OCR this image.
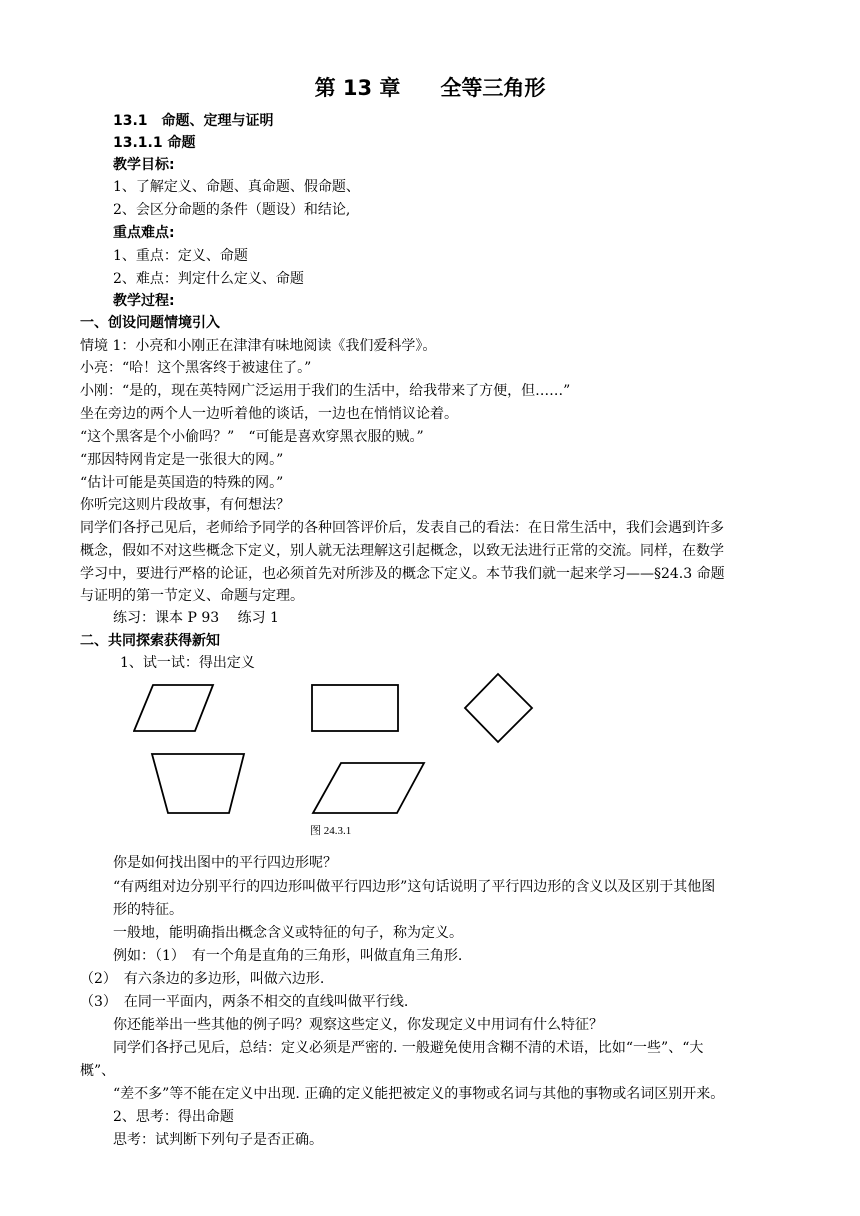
第 13 章 全等三角形
13.1　命题、定理与证明
13.1.1 命题
教学目标:
1、了解定义、命题、真命题、假命题、
2、会区分命题的条件（题设）和结论,
重点难点:
1、重点：定义、命题
2、难点：判定什么定义、命题
教学过程:
一、创设问题情境引入
情境 1：小亮和小刚正在津津有味地阅读《我们爱科学》。
小亮：“哈！这个黑客终于被逮住了。”
小刚：“是的，现在英特网广泛运用于我们的生活中，给我带来了方便，但……”
坐在旁边的两个人一边听着他的谈话，一边也在悄悄议论着。
“这个黑客是个小偷吗？”　“可能是喜欢穿黑衣服的贼。”
“那因特网肯定是一张很大的网。”
“估计可能是英国造的特殊的网。”
你听完这则片段故事，有何想法？
同学们各抒己见后，老师给予同学的各种回答评价后，发表自己的看法：在日常生活中，我们会遇到许多
概念，假如不对这些概念下定义，别人就无法理解这引起概念，以致无法进行正常的交流。同样，在数学
学习中，要进行严格的论证，也必须首先对所涉及的概念下定义。本节我们就一起来学习——§24.3 命题
与证明的第一节定义、命题与定理。
练习：课本 P 93　 练习 1
二、共同探索获得新知
1、试一试：得出定义
图 24.3.1
你是如何找出图中的平行四边形呢？
“有两组对边分别平行的四边形叫做平行四边形”这句话说明了平行四边形的含义以及区别于其他图
形的特征。
一般地，能明确指出概念含义或特征的句子，称为定义。
例如：（1）　有一个角是直角的三角形，叫做直角三角形.
（2）　有六条边的多边形，叫做六边形.
（3）　在同一平面内，两条不相交的直线叫做平行线.
你还能举出一些其他的例子吗？观察这些定义，你发现定义中用词有什么特征？
同学们各抒己见后，总结：定义必须是严密的. 一般避免使用含糊不清的术语，比如“一些”、“大
概”、
“差不多”等不能在定义中出现. 正确的定义能把被定义的事物或名词与其他的事物或名词区别开来。
2、思考：得出命题
思考：试判断下列句子是否正确。
